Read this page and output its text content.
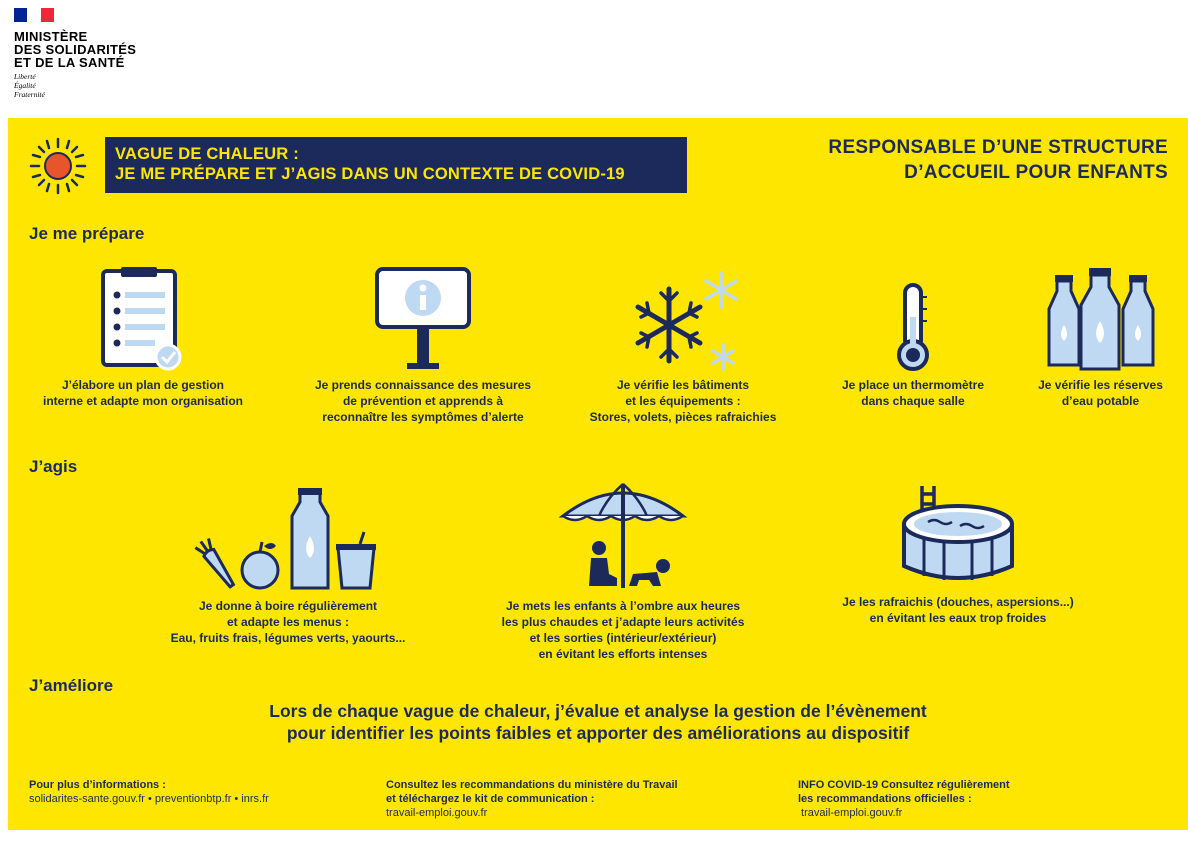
MINISTÈRE
DES SOLIDARITÉS
ET DE LA SANTÉ
Liberté
Égalité
Fraternité
VAGUE DE CHALEUR :
JE ME PRÉPARE ET J’AGIS DANS UN CONTEXTE DE COVID-19
RESPONSABLE D’UNE STRUCTURE
D’ACCUEIL POUR ENFANTS
Je me prépare
J’élabore un plan de gestion
interne et adapte mon organisation
Je prends connaissance des mesures
de prévention et apprends à
reconnaître les symptômes d’alerte
Je vérifie les bâtiments
et les équipements :
Stores, volets, pièces rafraichies
Je place un thermomètre
dans chaque salle
Je vérifie les réserves
d’eau potable
J’agis
Je donne à boire régulièrement
et adapte les menus :
Eau, fruits frais, légumes verts, yaourts...
Je mets les enfants à l’ombre aux heures
les plus chaudes et j’adapte leurs activités
et les sorties (intérieur/extérieur)
en évitant les efforts intenses
Je les rafraichis (douches, aspersions...)
en évitant les eaux trop froides
J’améliore
Lors de chaque vague de chaleur, j’évalue et analyse la gestion de l’évènement
pour identifier les points faibles et apporter des améliorations au dispositif
Pour plus d’informations :
solidarites-sante.gouv.fr • preventionbtp.fr • inrs.fr
Consultez les recommandations du ministère du Travail
et téléchargez le kit de communication :
travail-emploi.gouv.fr
INFO COVID-19 Consultez régulièrement
les recommandations officielles :
travail-emploi.gouv.fr
